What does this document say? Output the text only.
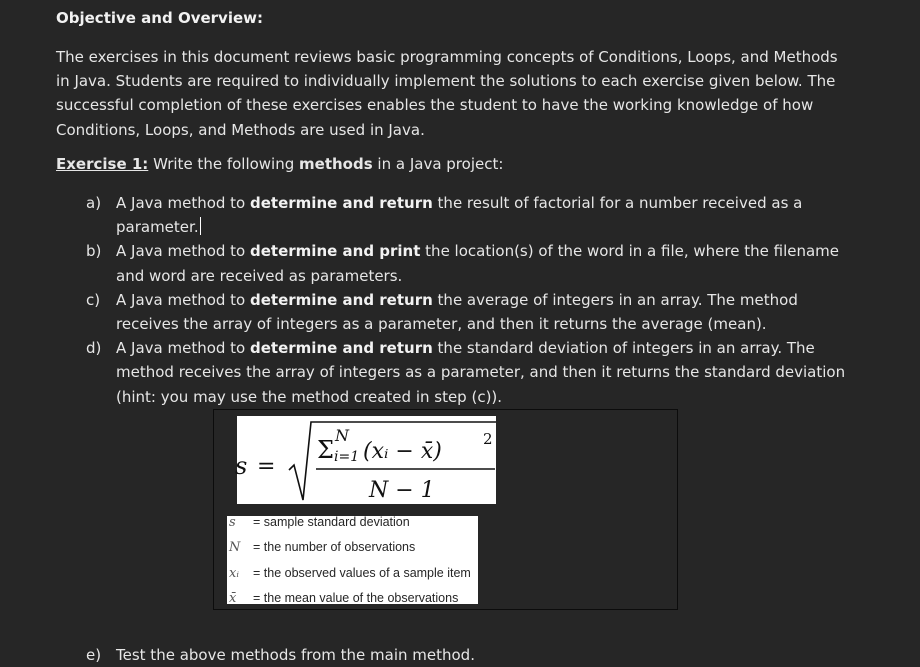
Objective and Overview:
The exercises in this document reviews basic programming concepts of Conditions, Loops, and Methods
in Java. Students are required to individually implement the solutions to each exercise given below. The
successful completion of these exercises enables the student to have the working knowledge of how
Conditions, Loops, and Methods are used in Java.
Exercise 1: Write the following methods in a Java project:
a) A Java method to determine and return the result of factorial for a number received as a
parameter.
b) A Java method to determine and print the location(s) of the word in a file, where the filename
and word are received as parameters.
c) A Java method to determine and return the average of integers in an array. The method
receives the array of integers as a parameter, and then it returns the average (mean).
d) A Java method to determine and return the standard deviation of integers in an array. The
method receives the array of integers as a parameter, and then it returns the standard deviation
(hint: you may use the method created in step (c)).
s =
Σ
N
i=1 (xᵢ − x̄)	2
N − 1
s = sample standard deviation
N = the number of observations
xᵢ = the observed values of a sample item
x̄ = the mean value of the observations
e) Test the above methods from the main method.
